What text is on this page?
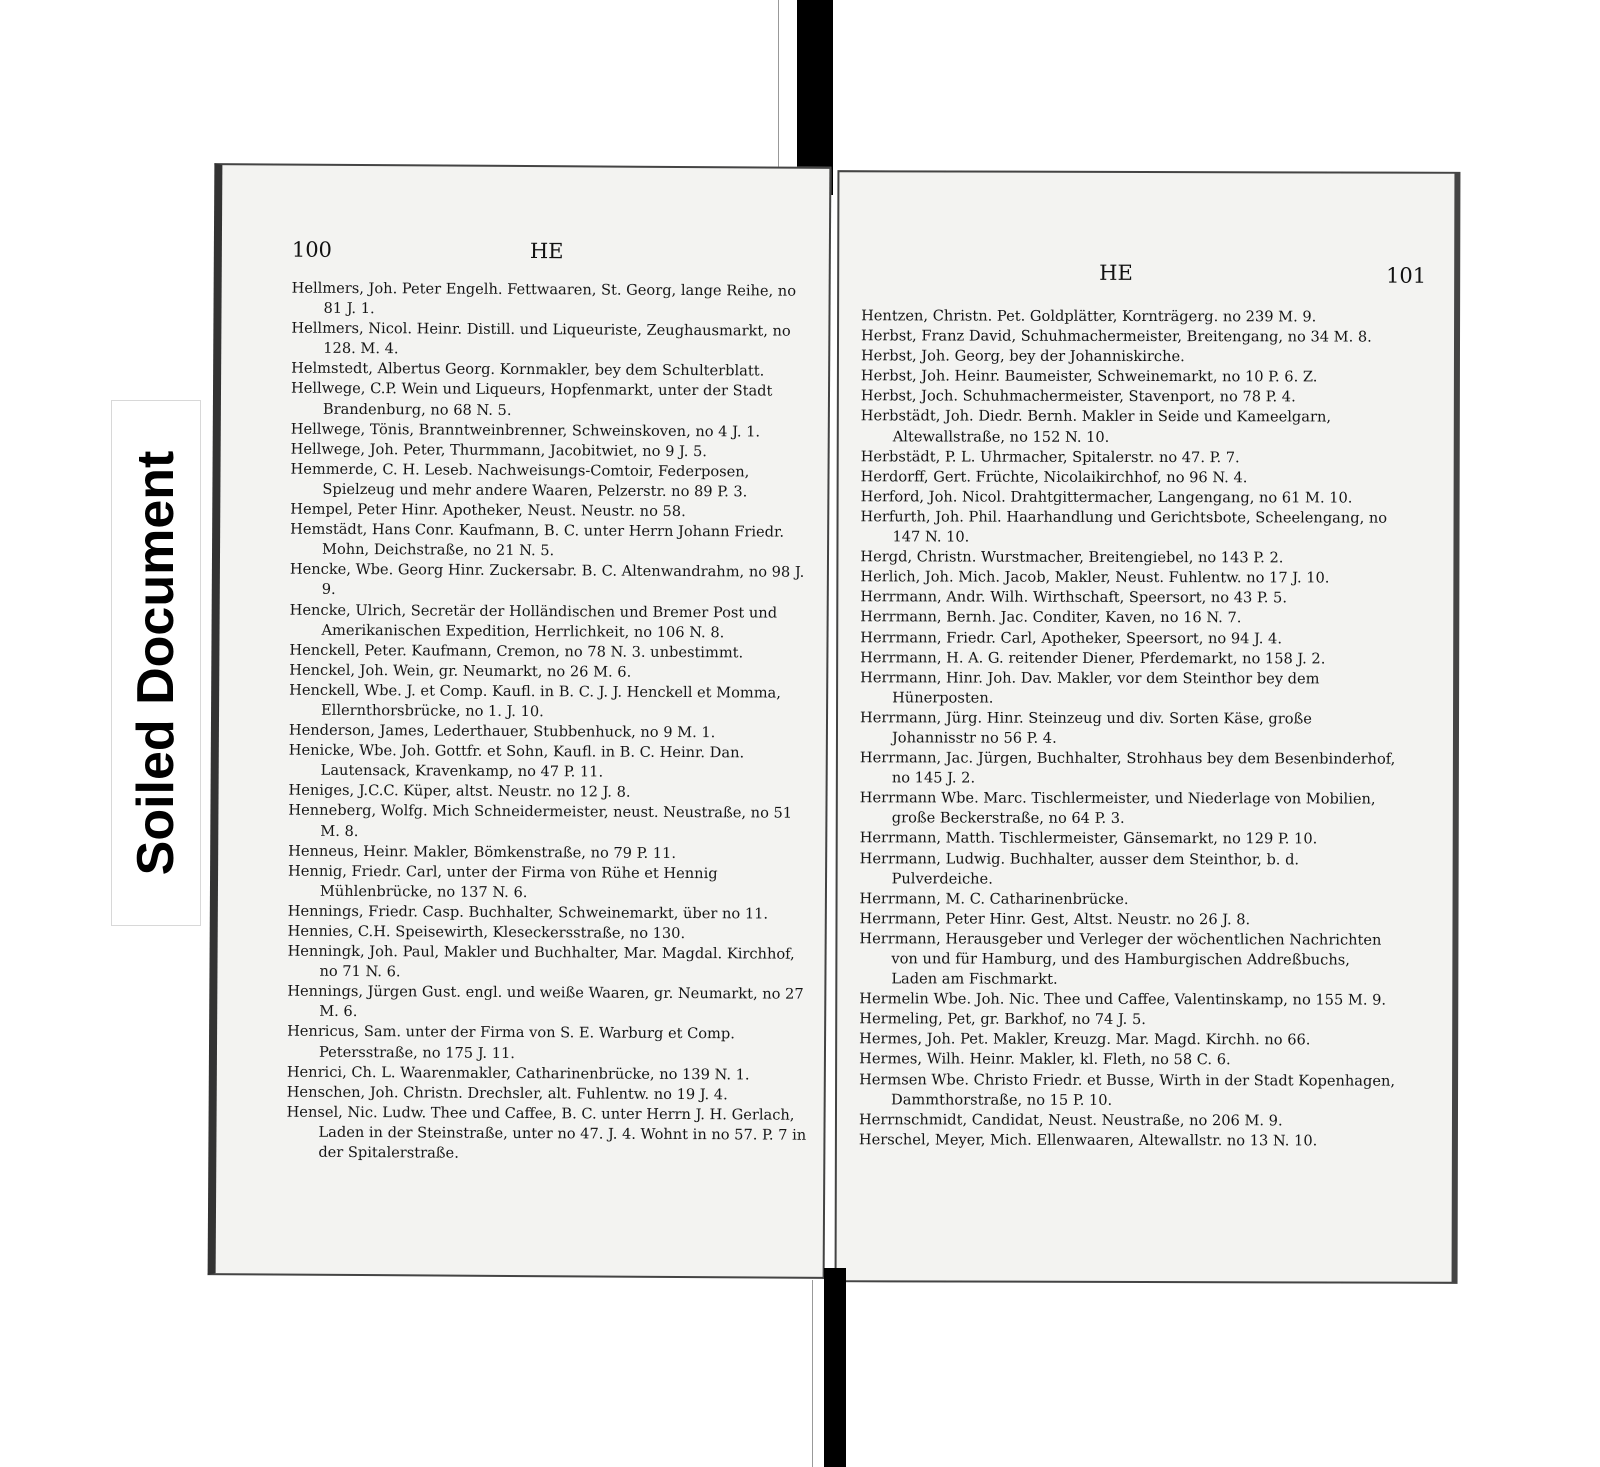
Soiled Document
100	HE

Hellmers, Joh. Peter Engelh. Fettwaaren, St. Georg, lange Reihe, no 81 J. 1.

Hellmers, Nicol. Heinr. Distill. und Liqueuriste, Zeughausmarkt, no 128. M. 4.

Helmstedt, Albertus Georg. Kornmakler, bey dem Schulterblatt.

Hellwege, C.P. Wein und Liqueurs, Hopfenmarkt, unter der Stadt Brandenburg, no 68 N. 5.

Hellwege, Tönis, Branntweinbrenner, Schweinskoven, no 4 J. 1.

Hellwege, Joh. Peter, Thurmmann, Jacobitwiet, no 9 J. 5.

Hemmerde, C. H. Leseb. Nachweisungs-Comtoir, Federposen, Spielzeug und mehr andere Waaren, Pelzerstr. no 89 P. 3.

Hempel, Peter Hinr. Apotheker, Neust. Neustr. no 58.

Hemstädt, Hans Conr. Kaufmann, B. C. unter Herrn Johann Friedr. Mohn, Deichstraße, no 21 N. 5.

Hencke, Wbe. Georg Hinr. Zuckersabr. B. C. Altenwandrahm, no 98 J. 9.

Hencke, Ulrich, Secretär der Holländischen und Bremer Post und Amerikanischen Expedition, Herrlichkeit, no 106 N. 8.

Henckell, Peter. Kaufmann, Cremon, no 78 N. 3. unbestimmt.

Henckel, Joh. Wein, gr. Neumarkt, no 26 M. 6.

Henckell, Wbe. J. et Comp. Kaufl. in B. C. J. J. Henckell et Momma, Ellernthorsbrücke, no 1. J. 10.

Henderson, James, Lederthauer, Stubbenhuck, no 9 M. 1.

Henicke, Wbe. Joh. Gottfr. et Sohn, Kaufl. in B. C. Heinr. Dan. Lautensack, Kravenkamp, no 47 P. 11.

Heniges, J.C.C. Küper, altst. Neustr. no 12 J. 8.

Henneberg, Wolfg. Mich Schneidermeister, neust. Neustraße, no 51 M. 8.

Henneus, Heinr. Makler, Bömkenstraße, no 79 P. 11.

Hennig, Friedr. Carl, unter der Firma von Rühe et Hennig Mühlenbrücke, no 137 N. 6.

Hennings, Friedr. Casp. Buchhalter, Schweinemarkt, über no 11.

Hennies, C.H. Speisewirth, Kleseckersstraße, no 130.

Henningk, Joh. Paul, Makler und Buchhalter, Mar. Magdal. Kirchhof, no 71 N. 6.

Hennings, Jürgen Gust. engl. und weiße Waaren, gr. Neumarkt, no 27 M. 6.

Henricus, Sam. unter der Firma von S. E. Warburg et Comp. Petersstraße, no 175 J. 11.

Henrici, Ch. L. Waarenmakler, Catharinenbrücke, no 139 N. 1.

Henschen, Joh. Christn. Drechsler, alt. Fuhlentw. no 19 J. 4.

Hensel, Nic. Ludw. Thee und Caffee, B. C. unter Herrn J. H. Gerlach, Laden in der Steinstraße, unter no 47. J. 4. Wohnt in no 57. P. 7 in der Spitalerstraße.

HE	101

Hentzen, Christn. Pet. Goldplätter, Kornträgerg. no 239 M. 9.

Herbst, Franz David, Schuhmachermeister, Breitengang, no 34 M. 8.

Herbst, Joh. Georg, bey der Johanniskirche.

Herbst, Joh. Heinr. Baumeister, Schweinemarkt, no 10 P. 6. Z.

Herbst, Joch. Schuhmachermeister, Stavenport, no 78 P. 4.

Herbstädt, Joh. Diedr. Bernh. Makler in Seide und Kameelgarn, Altewallstraße, no 152 N. 10.

Herbstädt, P. L. Uhrmacher, Spitalerstr. no 47. P. 7.

Herdorff, Gert. Früchte, Nicolaikirchhof, no 96 N. 4.

Herford, Joh. Nicol. Drahtgittermacher, Langengang, no 61 M. 10.

Herfurth, Joh. Phil. Haarhandlung und Gerichtsbote, Scheelengang, no 147 N. 10.

Hergd, Christn. Wurstmacher, Breitengiebel, no 143 P. 2.

Herlich, Joh. Mich. Jacob, Makler, Neust. Fuhlentw. no 17 J. 10.

Herrmann, Andr. Wilh. Wirthschaft, Speersort, no 43 P. 5.

Herrmann, Bernh. Jac. Conditer, Kaven, no 16 N. 7.

Herrmann, Friedr. Carl, Apotheker, Speersort, no 94 J. 4.

Herrmann, H. A. G. reitender Diener, Pferdemarkt, no 158 J. 2.

Herrmann, Hinr. Joh. Dav. Makler, vor dem Steinthor bey dem Hünerposten.

Herrmann, Jürg. Hinr. Steinzeug und div. Sorten Käse, große Johannisstr no 56 P. 4.

Herrmann, Jac. Jürgen, Buchhalter, Strohhaus bey dem Besenbinderhof, no 145 J. 2.

Herrmann Wbe. Marc. Tischlermeister, und Niederlage von Mobilien, große Beckerstraße, no 64 P. 3.

Herrmann, Matth. Tischlermeister, Gänsemarkt, no 129 P. 10.

Herrmann, Ludwig. Buchhalter, ausser dem Steinthor, b. d. Pulverdeiche.

Herrmann, M. C. Catharinenbrücke.

Herrmann, Peter Hinr. Gest, Altst. Neustr. no 26 J. 8.

Herrmann, Herausgeber und Verleger der wöchentlichen Nachrichten von und für Hamburg, und des Hamburgischen Addreßbuchs, Laden am Fischmarkt.

Hermelin Wbe. Joh. Nic. Thee und Caffee, Valentinskamp, no 155 M. 9.

Hermeling, Pet, gr. Barkhof, no 74 J. 5.

Hermes, Joh. Pet. Makler, Kreuzg. Mar. Magd. Kirchh. no 66.

Hermes, Wilh. Heinr. Makler, kl. Fleth, no 58 C. 6.

Hermsen Wbe. Christo Friedr. et Busse, Wirth in der Stadt Kopenhagen, Dammthorstraße, no 15 P. 10.

Herrnschmidt, Candidat, Neust. Neustraße, no 206 M. 9.

Herschel, Meyer, Mich. Ellenwaaren, Altewallstr. no 13 N. 10.
